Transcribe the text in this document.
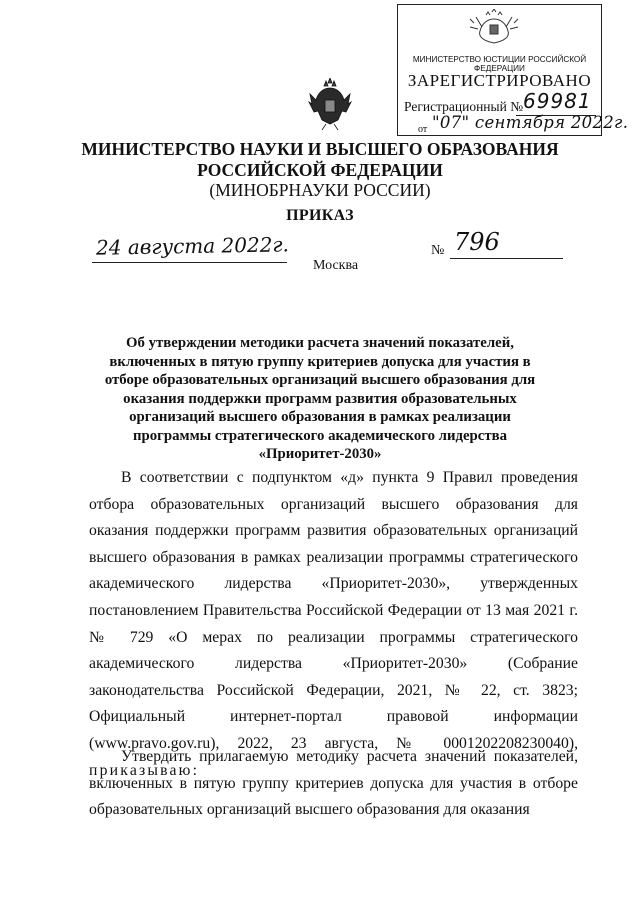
МИНИСТЕРСТВО ЮСТИЦИИ РОССИЙСКОЙ ФЕДЕРАЦИИ
ЗАРЕГИСТРИРОВАНО
Регистрационный № 69981
от "07" сентября 2022г.
МИНИСТЕРСТВО НАУКИ И ВЫСШЕГО ОБРАЗОВАНИЯ
РОССИЙСКОЙ ФЕДЕРАЦИИ
(МИНОБРНАУКИ РОССИИ)
ПРИКАЗ
24 августа 2022г.
Москва
№ 796
Об утверждении методики расчета значений показателей, включенных в пятую группу критериев допуска для участия в отборе образовательных организаций высшего образования для оказания поддержки программ развития образовательных организаций высшего образования в рамках реализации программы стратегического академического лидерства «Приоритет-2030»
В соответствии с подпунктом «д» пункта 9 Правил проведения отбора образовательных организаций высшего образования для оказания поддержки программ развития образовательных организаций высшего образования в рамках реализации программы стратегического академического лидерства «Приоритет-2030», утвержденных постановлением Правительства Российской Федерации от 13 мая 2021 г. № 729 «О мерах по реализации программы стратегического академического лидерства «Приоритет-2030» (Собрание законодательства Российской Федерации, 2021, № 22, ст. 3823; Официальный интернет-портал правовой информации (www.pravo.gov.ru), 2022, 23 августа, № 0001202208230040), приказываю:
Утвердить прилагаемую методику расчета значений показателей, включенных в пятую группу критериев допуска для участия в отборе образовательных организаций высшего образования для оказания
